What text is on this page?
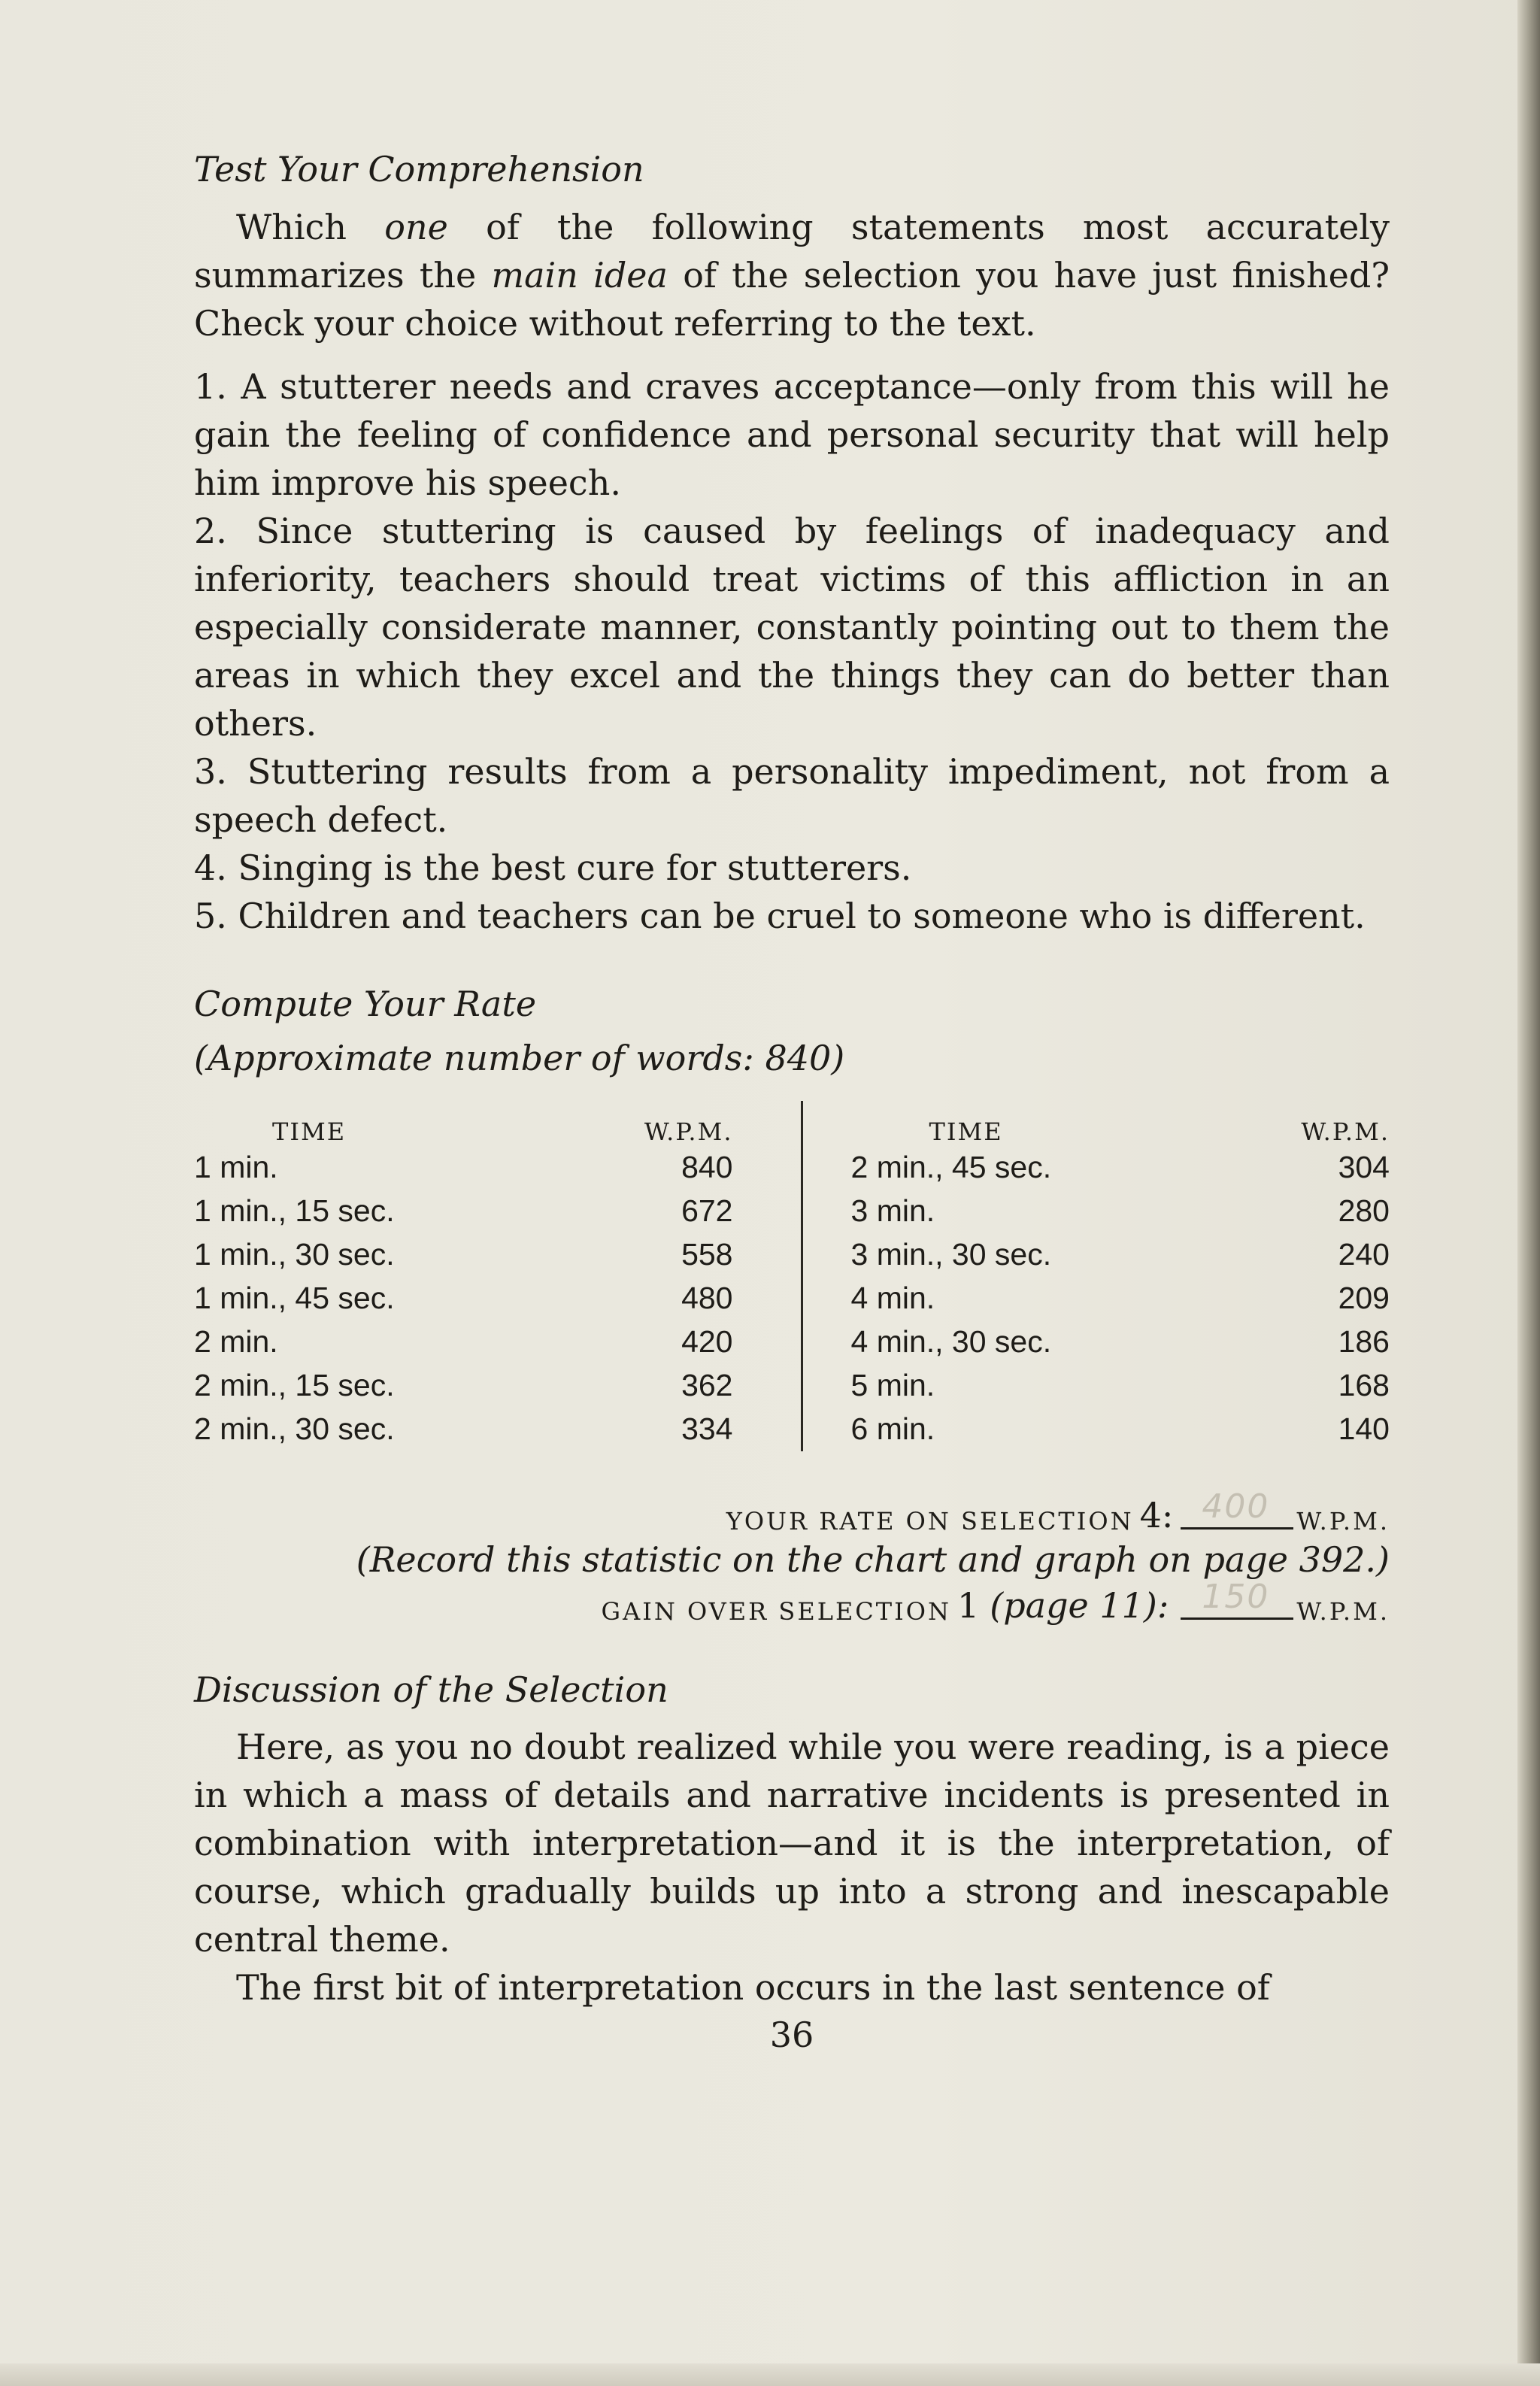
Test Your Comprehension

Which one of the following statements most accurately summarizes the main idea of the selection you have just finished? Check your choice without referring to the text.

1. A stutterer needs and craves acceptance—only from this will he gain the feeling of confidence and personal security that will help him improve his speech.

2. Since stuttering is caused by feelings of inadequacy and inferiority, teachers should treat victims of this affliction in an especially considerate manner, constantly pointing out to them the areas in which they excel and the things they can do better than others.

3. Stuttering results from a personality impediment, not from a speech defect.

4. Singing is the best cure for stutterers.

5. Children and teachers can be cruel to someone who is different.

Compute Your Rate
(Approximate number of words: 840)
TIME	W.P.M.
1 min.	840
1 min., 15 sec.	672
1 min., 30 sec.	558
1 min., 45 sec.	480
2 min.	420
2 min., 15 sec.	362
2 min., 30 sec.	334
TIME	W.P.M.
2 min., 45 sec.	304
3 min.	280
3 min., 30 sec.	240
4 min.	209
4 min., 30 sec.	186
5 min.	168
6 min.	140
YOUR RATE ON SELECTION 4: 400 W.P.M.
(Record this statistic on the chart and graph on page 392.)
GAIN OVER SELECTION 1 (page 11): 150 W.P.M.
Discussion of the Selection

Here, as you no doubt realized while you were reading, is a piece in which a mass of details and narrative incidents is presented in combination with interpretation—and it is the interpretation, of course, which gradually builds up into a strong and inescapable central theme.

The first bit of interpretation occurs in the last sentence of

36
